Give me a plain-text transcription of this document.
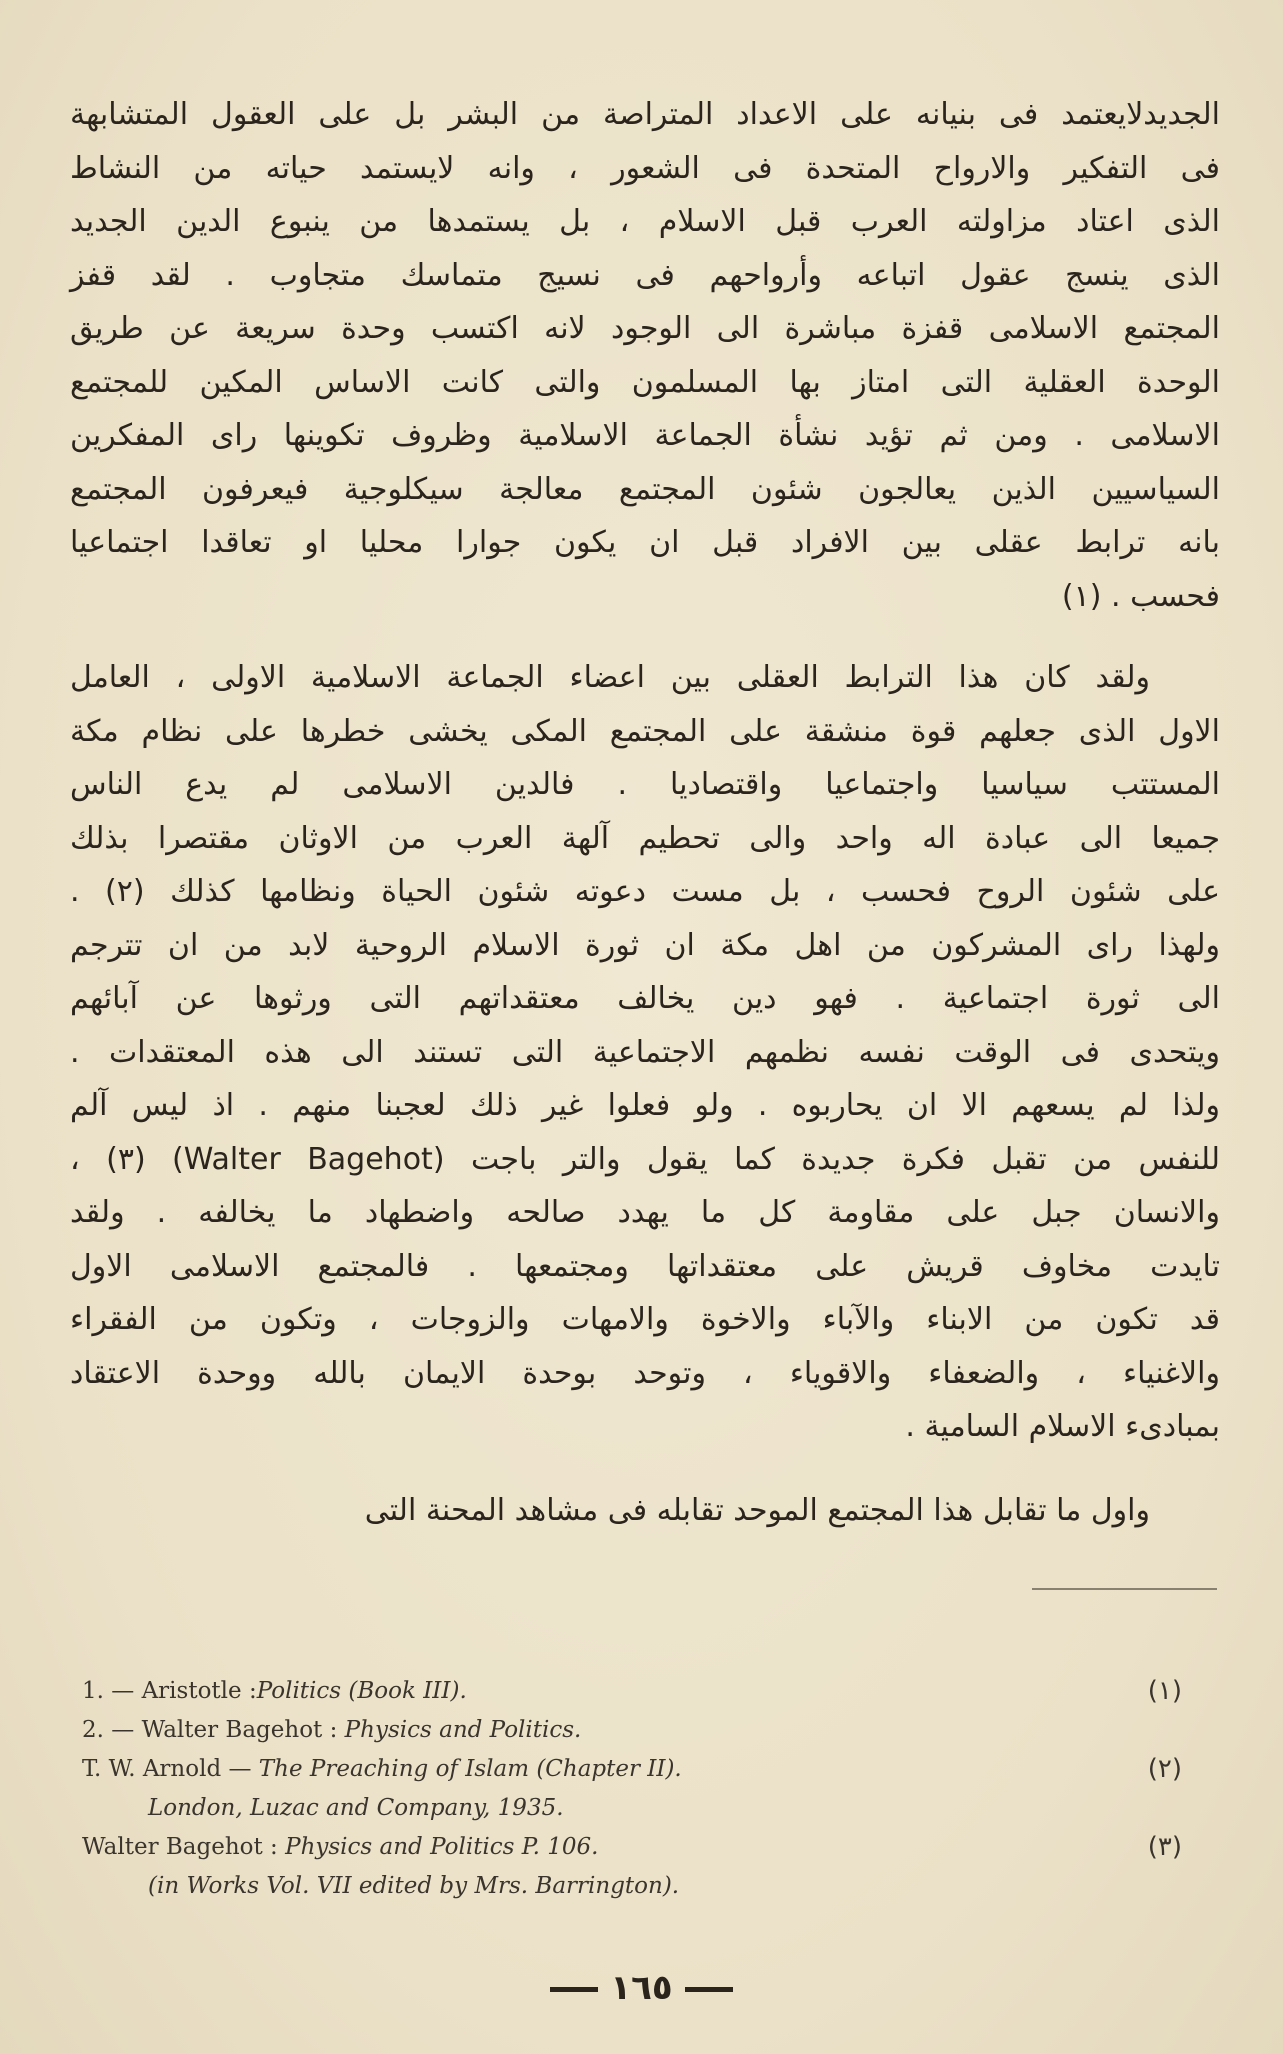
الجديدلايعتمد فى بنيانه على الاعداد المتراصة من البشر بل على العقول المتشابهة
فى التفكير والارواح المتحدة فى الشعور ، وانه لايستمد حياته من النشاط
الذى اعتاد مزاولته العرب قبل الاسلام ، بل يستمدها من ينبوع الدين الجديد
الذى ينسج عقول اتباعه وأرواحهم فى نسيج متماسك متجاوب . لقد قفز
المجتمع الاسلامى قفزة مباشرة الى الوجود لانه اكتسب وحدة سريعة عن طريق
الوحدة العقلية التى امتاز بها المسلمون والتى كانت الاساس المكين للمجتمع
الاسلامى . ومن ثم تؤيد نشأة الجماعة الاسلامية وظروف تكوينها راى المفكرين
السياسيين الذين يعالجون شئون المجتمع معالجة سيكلوجية فيعرفون المجتمع
بانه ترابط عقلى بين الافراد قبل ان يكون جوارا محليا او تعاقدا اجتماعيا
فحسب . (١)
ولقد كان هذا الترابط العقلى بين اعضاء الجماعة الاسلامية الاولى ، العامل
الاول الذى جعلهم قوة منشقة على المجتمع المكى يخشى خطرها على نظام مكة
المستتب سياسيا واجتماعيا واقتصاديا . فالدين الاسلامى لم يدع الناس
جميعا الى عبادة اله واحد والى تحطيم آلهة العرب من الاوثان مقتصرا بذلك
على شئون الروح فحسب ، بل مست دعوته شئون الحياة ونظامها كذلك (٢) .
ولهذا راى المشركون من اهل مكة ان ثورة الاسلام الروحية لابد من ان تترجم
الى ثورة اجتماعية . فهو دين يخالف معتقداتهم التى ورثوها عن آبائهم
ويتحدى فى الوقت نفسه نظمهم الاجتماعية التى تستند الى هذه المعتقدات .
ولذا لم يسعهم الا ان يحاربوه . ولو فعلوا غير ذلك لعجبنا منهم . اذ ليس آلم
للنفس من تقبل فكرة جديدة كما يقول والتر باجت (Walter Bagehot) (٣) ،
والانسان جبل على مقاومة كل ما يهدد صالحه واضطهاد ما يخالفه . ولقد
تايدت مخاوف قريش على معتقداتها ومجتمعها . فالمجتمع الاسلامى الاول
قد تكون من الابناء والآباء والاخوة والامهات والزوجات ، وتكون من الفقراء
والاغنياء ، والضعفاء والاقوياء ، وتوحد بوحدة الايمان بالله ووحدة الاعتقاد
بمبادىء الاسلام السامية .
واول ما تقابل هذا المجتمع الموحد تقابله فى مشاهد المحنة التى
1. — Aristotle :Politics (Book III).	(١)
2. — Walter Bagehot : Physics and Politics.
T. W. Arnold — The Preaching of Islam (Chapter II).	(٢)
London, Luzac and Company, 1935.
Walter Bagehot : Physics and Politics P. 106.	(٣)
(in Works Vol. VII edited by Mrs. Barrington).
١٦٥
